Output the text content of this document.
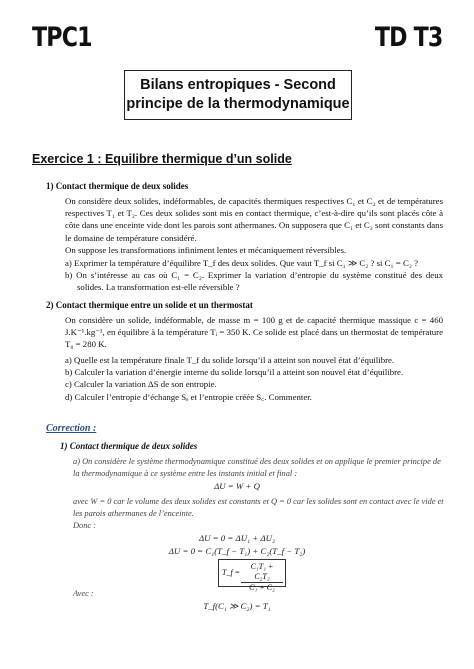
TPC1	TD T3
Bilans entropiques - Second
principe de la thermodynamique
Exercice 1 : Equilibre thermique d’un solide
1) Contact thermique de deux solides

On considère deux solides, indéformables, de capacités thermiques respectives C₁ et C₂ et de températures respectives T₁ et T₂. Ces deux solides sont mis en contact thermique, c’est-à-dire qu’ils sont placés côte à côte dans une enceinte vide dont les parois sont athermanes. On supposera que C₁ et C₂ sont constants dans le domaine de température considéré.

On suppose les transformations infiniment lentes et mécaniquement réversibles.

a) Exprimer la température d’équilibre T_f des deux solides. Que vaut T_f si C₁ ≫ C₂ ? si C₁ = C₂ ?

b) On s’intéresse au cas où C₁ = C₂. Exprimer la variation d’entropie du système constitué des deux solides. La transformation est-elle réversible ?

2) Contact thermique entre un solide et un thermostat

On considère un solide, indéformable, de masse m = 100 g et de capacité thermique massique c = 460 J.K⁻¹.kg⁻¹, en équilibre à la température Tᵢ = 350 K. Ce solide est placé dans un thermostat de température T₀ = 280 K.

a) Quelle est la température finale T_f du solide lorsqu’il a atteint son nouvel état d’équilibre.

b) Calculer la variation d’énergie interne du solide lorsqu’il a atteint son nouvel état d’équilibre.

c) Calculer la variation ΔS de son entropie.

d) Calculer l’entropie d’échange Sₑ et l’entropie créée S꜀. Commenter.

Correction :
1) Contact thermique de deux solides
a) On considère le système thermodynamique constitué des deux solides et on applique le premier principe de la thermodynamique à ce système entre les instants initial et final :
ΔU = W + Q
avec W = 0 car le volume des deux solides est constants et Q = 0 car les solides sont en contact avec le vide et les parois athermanes de l’enceinte.
Donc :
ΔU = 0 = ΔU₁ + ΔU₂
ΔU = 0 = C₁(T_f − T₁) + C₂(T_f − T₂)
T_f = $\frac{\text{C₁T₁ + C₂T₂}}{\text{C₁ + C₂}}$
Avec :
T_f(C₁ ≫ C₂) = T₁
